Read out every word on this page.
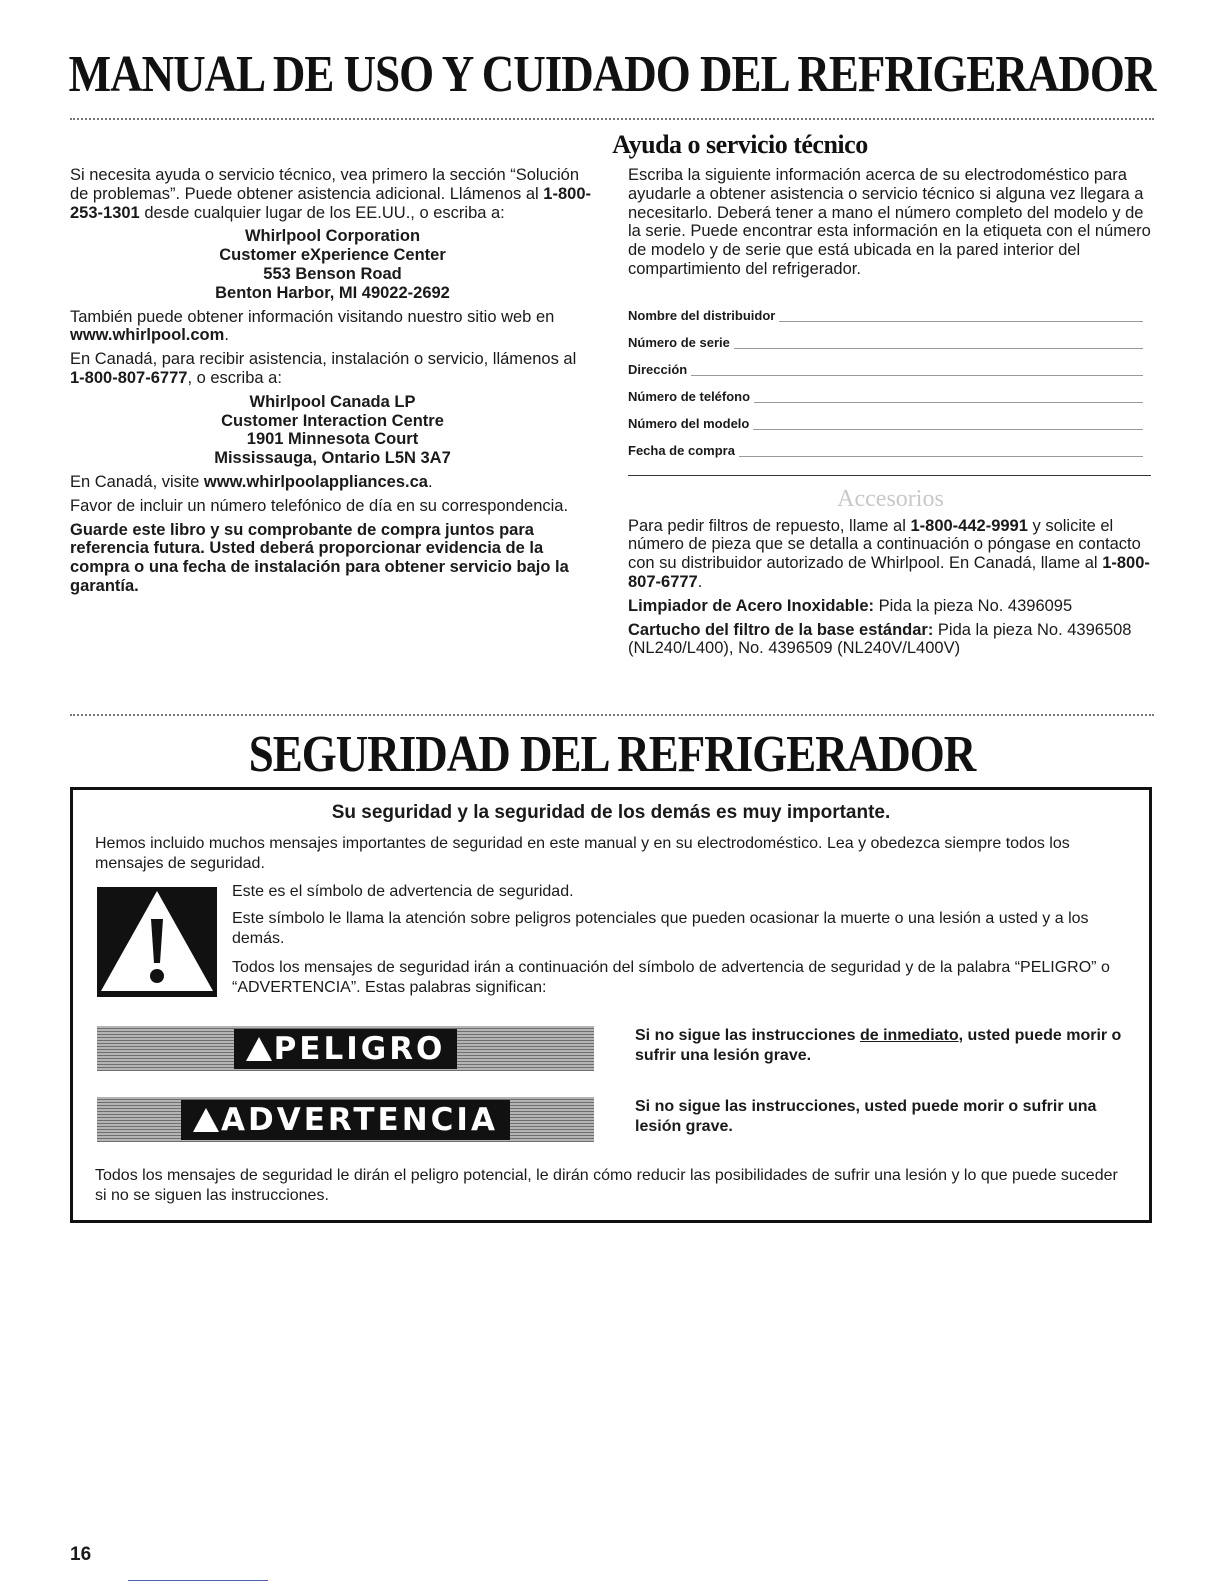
MANUAL DE USO Y CUIDADO DEL REFRIGERADOR
Ayuda o servicio técnico

Si necesita ayuda o servicio técnico, vea primero la sección “Solución de problemas”. Puede obtener asistencia adicional. Llámenos al 1-800-253-1301 desde cualquier lugar de los EE.UU., o escriba a:

Whirlpool Corporation
Customer eXperience Center
553 Benson Road
Benton Harbor, MI 49022-2692

También puede obtener información visitando nuestro sitio web en www.whirlpool.com.

En Canadá, para recibir asistencia, instalación o servicio, llámenos al 1-800-807-6777, o escriba a:

Whirlpool Canada LP
Customer Interaction Centre
1901 Minnesota Court
Mississauga, Ontario L5N 3A7

En Canadá, visite www.whirlpoolappliances.ca.

Favor de incluir un número telefónico de día en su correspondencia.

Guarde este libro y su comprobante de compra juntos para referencia futura. Usted deberá proporcionar evidencia de la compra o una fecha de instalación para obtener servicio bajo la garantía.

Escriba la siguiente información acerca de su electrodoméstico para ayudarle a obtener asistencia o servicio técnico si alguna vez llegara a necesitarlo. Deberá tener a mano el número completo del modelo y de la serie. Puede encontrar esta información en la etiqueta con el número de modelo y de serie que está ubicada en la pared interior del compartimiento del refrigerador.

Nombre del distribuidor
Número de serie
Dirección
Número de teléfono
Número del modelo
Fecha de compra
Accesorios

Para pedir filtros de repuesto, llame al 1-800-442-9991 y solicite el número de pieza que se detalla a continuación o póngase en contacto con su distribuidor autorizado de Whirlpool. En Canadá, llame al 1-800-807-6777.

Limpiador de Acero Inoxidable: Pida la pieza No. 4396095

Cartucho del filtro de la base estándar: Pida la pieza No. 4396508 (NL240/L400), No. 4396509 (NL240V/L400V)

SEGURIDAD DEL REFRIGERADOR
Su seguridad y la seguridad de los demás es muy importante.
Hemos incluido muchos mensajes importantes de seguridad en este manual y en su electrodoméstico. Lea y obedezca siempre todos los mensajes de seguridad.
Este es el símbolo de advertencia de seguridad.
Este símbolo le llama la atención sobre peligros potenciales que pueden ocasionar la muerte o una lesión a usted y a los demás.
Todos los mensajes de seguridad irán a continuación del símbolo de advertencia de seguridad y de la palabra “PELIGRO” o “ADVERTENCIA”. Estas palabras significan:
PELIGRO	Si no sigue las instrucciones de inmediato, usted puede morir o sufrir una lesión grave.
ADVERTENCIA	Si no sigue las instrucciones, usted puede morir o sufrir una lesión grave.
Todos los mensajes de seguridad le dirán el peligro potencial, le dirán cómo reducir las posibilidades de sufrir una lesión y lo que puede suceder si no se siguen las instrucciones.
16
